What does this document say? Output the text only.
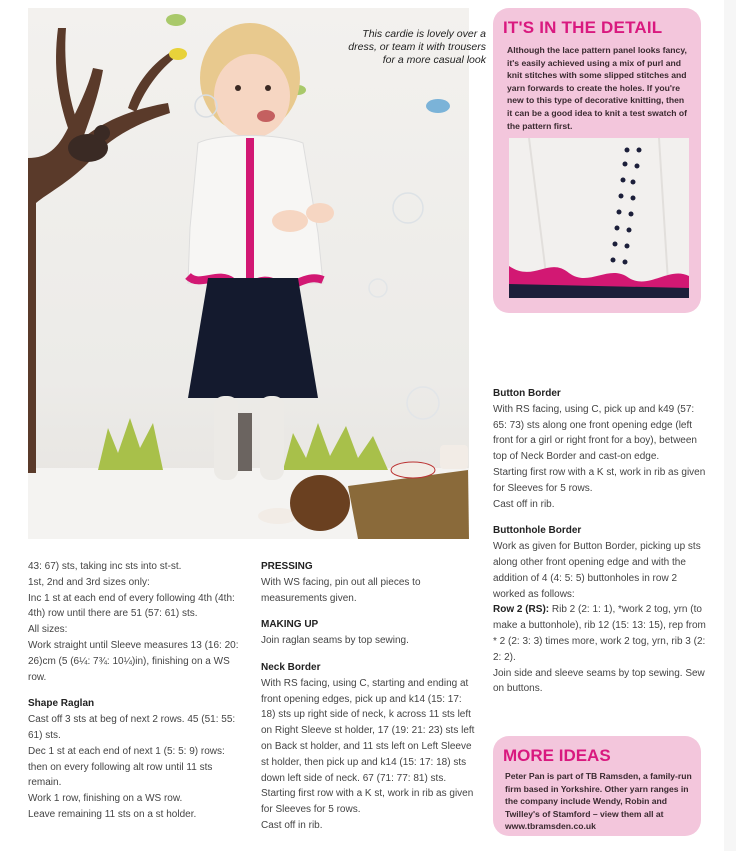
This cardie is lovely over a dress, or team it with trousers for a more casual look
IT'S IN THE DETAIL
Although the lace pattern panel looks fancy, it's easily achieved using a mix of purl and knit stitches with some slipped stitches and yarn forwards to create the holes. If you're new to this type of decorative knitting, then it can be a good idea to knit a test swatch of the pattern first.

43: 67) sts, taking inc sts into st-st.

1st, 2nd and 3rd sizes only:

Inc 1 st at each end of every following 4th (4th: 4th) row until there are 51 (57: 61) sts.

All sizes:

Work straight until Sleeve measures 13 (16: 20: 26)cm (5 (6¼: 7¾: 10¼)in), finishing on a WS row.

Shape Raglan

Cast off 3 sts at beg of next 2 rows. 45 (51: 55: 61) sts.

Dec 1 st at each end of next 1 (5: 5: 9) rows: then on every following alt row until 11 sts remain.

Work 1 row, finishing on a WS row.

Leave remaining 11 sts on a st holder.

PRESSING

With WS facing, pin out all pieces to measurements given.

MAKING UP

Join raglan seams by top sewing.

Neck Border

With RS facing, using C, starting and ending at front opening edges, pick up and k14 (15: 17: 18) sts up right side of neck, k across 11 sts left on Right Sleeve st holder, 17 (19: 21: 23) sts left on Back st holder, and 11 sts left on Left Sleeve st holder, then pick up and k14 (15: 17: 18) sts down left side of neck. 67 (71: 77: 81) sts.

Starting first row with a K st, work in rib as given for Sleeves for 5 rows.

Cast off in rib.

Button Border

With RS facing, using C, pick up and k49 (57: 65: 73) sts along one front opening edge (left front for a girl or right front for a boy), between top of Neck Border and cast-on edge.

Starting first row with a K st, work in rib as given for Sleeves for 5 rows.

Cast off in rib.

Buttonhole Border

Work as given for Button Border, picking up sts along other front opening edge and with the addition of 4 (4: 5: 5) buttonholes in row 2 worked as follows:

Row 2 (RS): Rib 2 (2: 1: 1), *work 2 tog, yrn (to make a buttonhole), rib 12 (15: 13: 15), rep from * 2 (2: 3: 3) times more, work 2 tog, yrn, rib 3 (2: 2: 2).

Join side and sleeve seams by top sewing. Sew on buttons.

MORE IDEAS
Peter Pan is part of TB Ramsden, a family-run firm based in Yorkshire. Other yarn ranges in the company include Wendy, Robin and Twilley's of Stamford – view them all at www.tbramsden.co.uk
